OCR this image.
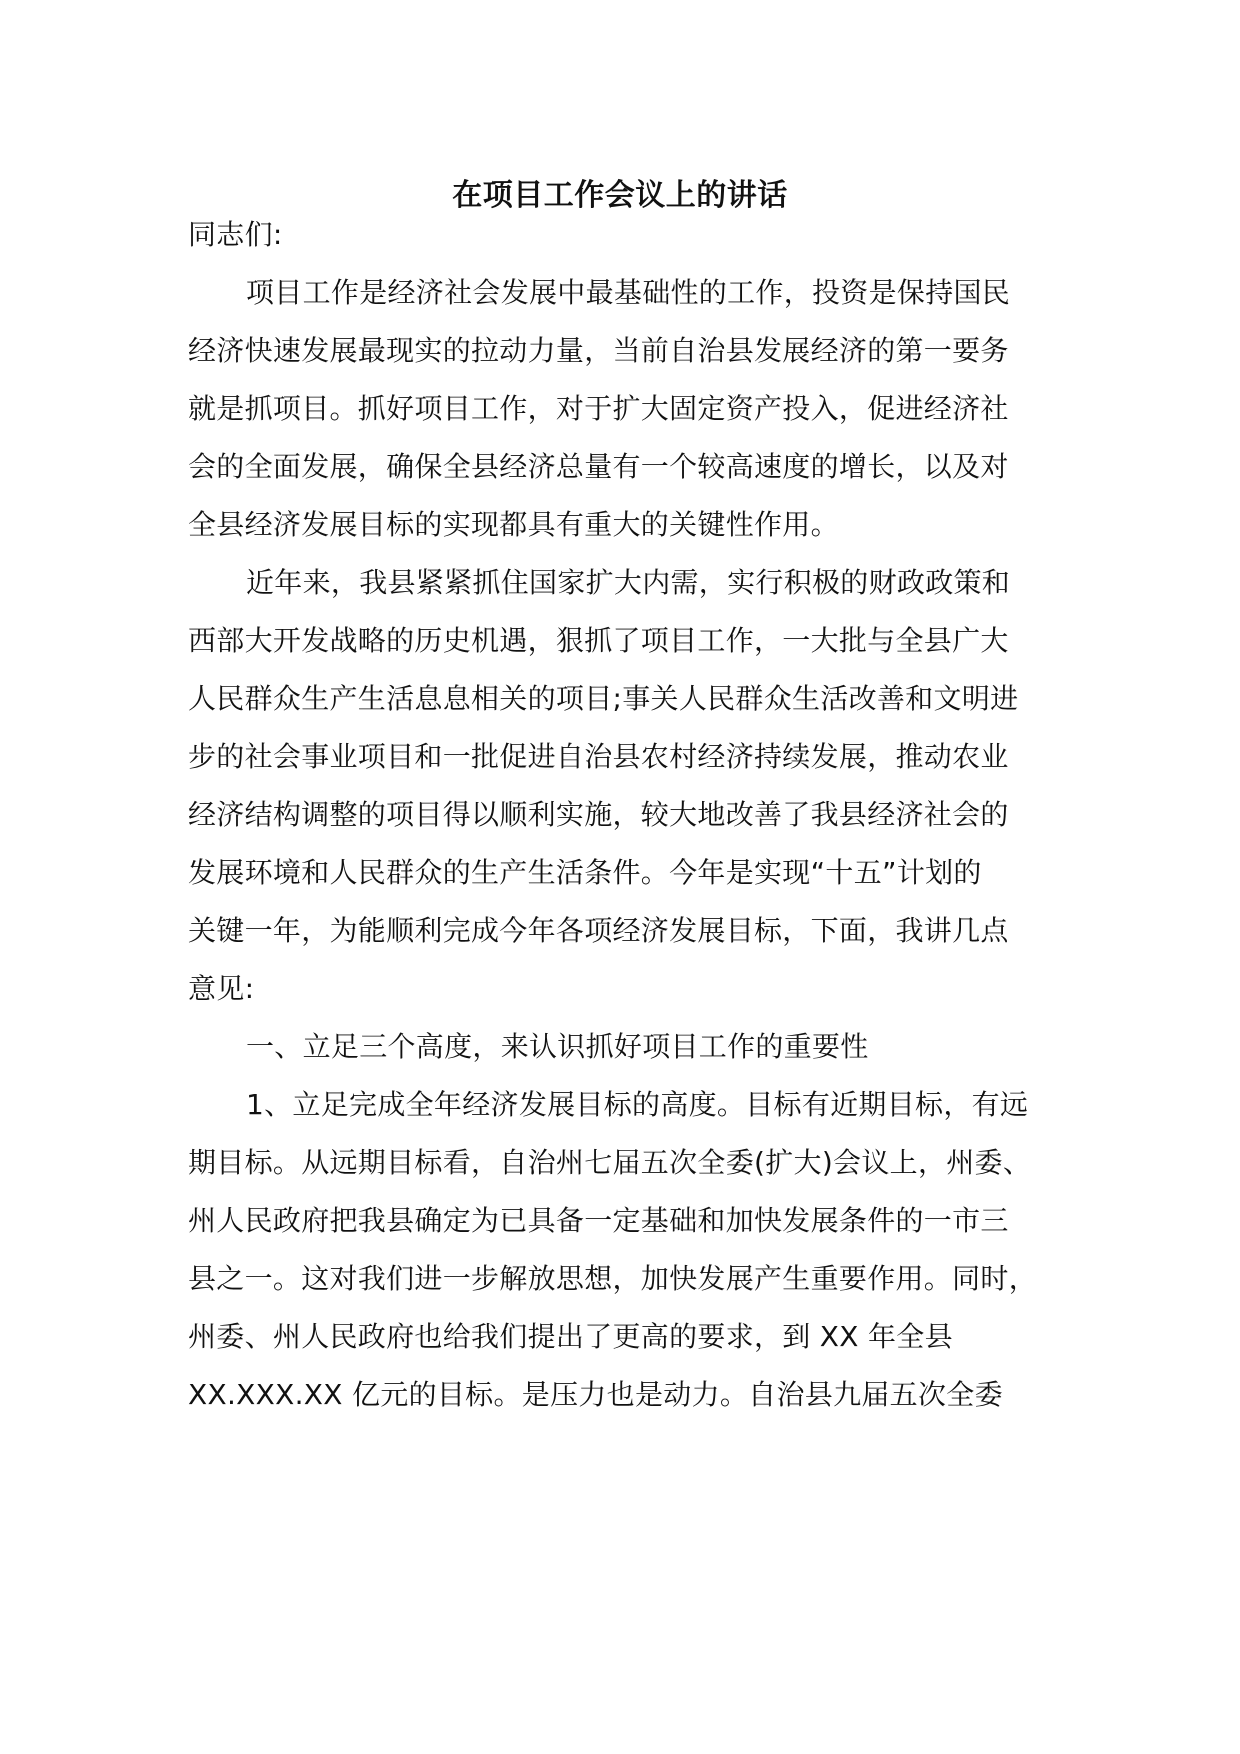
在项目工作会议上的讲话
同志们:
项目工作是经济社会发展中最基础性的工作，投资是保持国民
经济快速发展最现实的拉动力量，当前自治县发展经济的第一要务
就是抓项目。抓好项目工作，对于扩大固定资产投入，促进经济社
会的全面发展，确保全县经济总量有一个较高速度的增长，以及对
全县经济发展目标的实现都具有重大的关键性作用。
近年来，我县紧紧抓住国家扩大内需，实行积极的财政政策和
西部大开发战略的历史机遇，狠抓了项目工作，一大批与全县广大
人民群众生产生活息息相关的项目;事关人民群众生活改善和文明进
步的社会事业项目和一批促进自治县农村经济持续发展，推动农业
经济结构调整的项目得以顺利实施，较大地改善了我县经济社会的
发展环境和人民群众的生产生活条件。今年是实现“十五”计划的
关键一年，为能顺利完成今年各项经济发展目标，下面，我讲几点
意见:
一、立足三个高度，来认识抓好项目工作的重要性
1、立足完成全年经济发展目标的高度。目标有近期目标，有远
期目标。从远期目标看，自治州七届五次全委(扩大)会议上，州委、
州人民政府把我县确定为已具备一定基础和加快发展条件的一市三
县之一。这对我们进一步解放思想，加快发展产生重要作用。同时，
州委、州人民政府也给我们提出了更高的要求，到 XX 年全县
XX.XXX.XX 亿元的目标。是压力也是动力。自治县九届五次全委
